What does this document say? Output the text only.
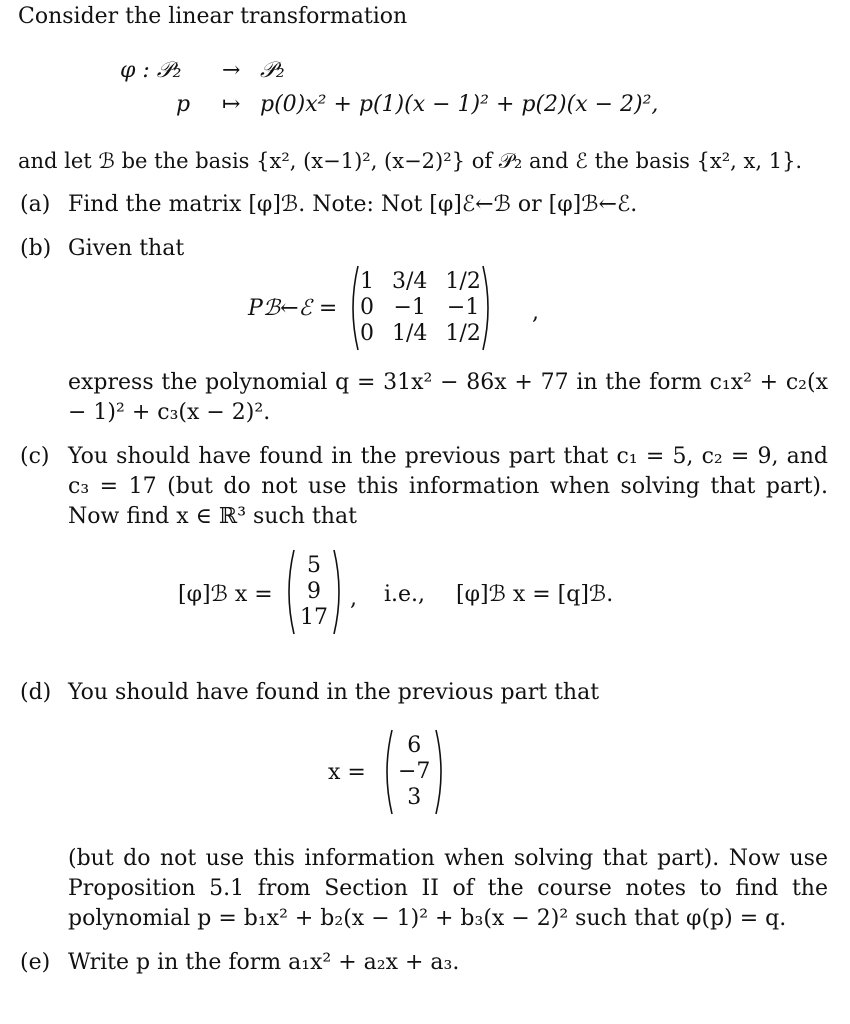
Consider the linear transformation
φ : 𝒫₂ → 𝒫₂
p ↦ p(0)x² + p(1)(x − 1)² + p(2)(x − 2)²,
and let ℬ be the basis {x², (x−1)², (x−2)²} of 𝒫₂ and ℰ the basis {x², x, 1}.
(a) Find the matrix [φ]ℬ. Note: Not [φ]ℰ←ℬ or [φ]ℬ←ℰ.
(b) Given that
Pℬ←ℰ =
1 3/4 1/2
0 −1 −1
0 1/4 1/2
,
express the polynomial q = 31x² − 86x + 77 in the form c₁x² + c₂(x − 1)² + c₃(x − 2)².
(c) You should have found in the previous part that c₁ = 5, c₂ = 9, and c₃ = 17 (but do not use this information when solving that part). Now find x ∈ ℝ³ such that
[φ]ℬ x =
5
9
17
, i.e., [φ]ℬ x = [q]ℬ.
(d) You should have found in the previous part that
x =
6
−7
3
(but do not use this information when solving that part). Now use Proposition 5.1 from Section II of the course notes to find the polynomial p = b₁x² + b₂(x − 1)² + b₃(x − 2)² such that φ(p) = q.
(e) Write p in the form a₁x² + a₂x + a₃.
